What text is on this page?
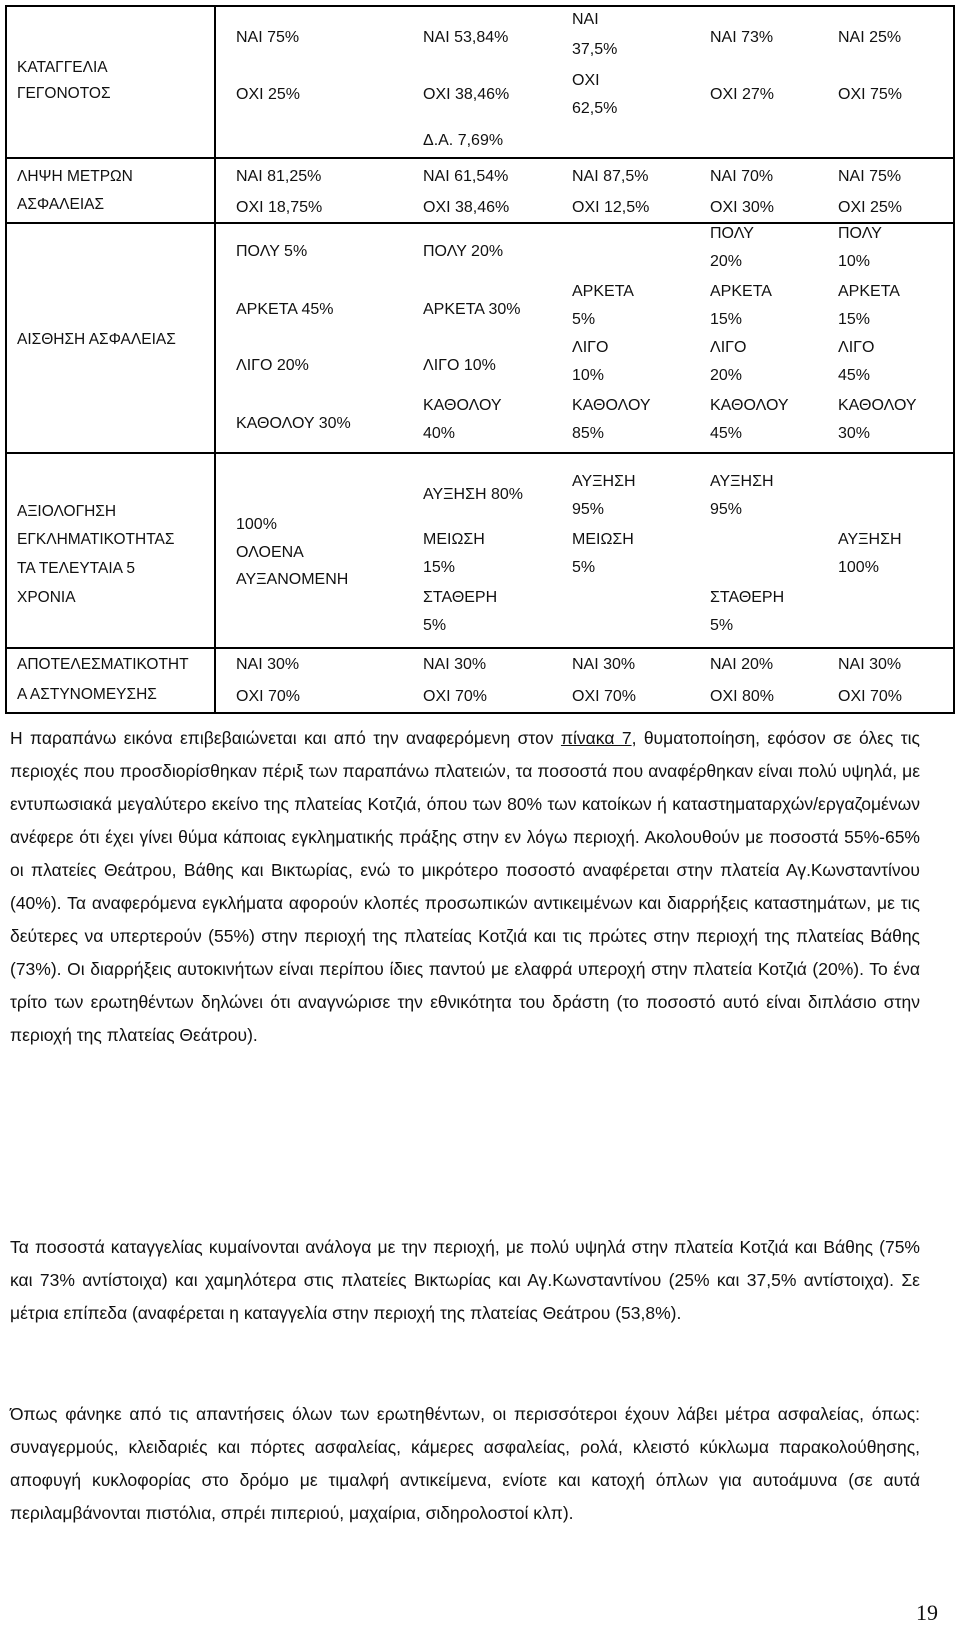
ΚΑΤΑΓΓΕΛΙΑ
ΓΕΓΟΝΟΤΟΣ
ΝΑΙ 75%
ΟΧΙ 25%
ΝΑΙ 53,84%
ΟΧΙ 38,46%
Δ.Α. 7,69%
ΝΑΙ
37,5%
ΟΧΙ
62,5%
ΝΑΙ 73%
ΟΧΙ 27%
ΝΑΙ 25%
ΟΧΙ 75%
ΛΗΨΗ ΜΕΤΡΩΝ
ΑΣΦΑΛΕΙΑΣ
ΝΑΙ 81,25%
ΟΧΙ 18,75%
ΝΑΙ 61,54%
ΟΧΙ 38,46%
ΝΑΙ 87,5%
ΟΧΙ 12,5%
ΝΑΙ 70%
ΟΧΙ 30%
ΝΑΙ 75%
ΟΧΙ 25%
ΑΙΣΘΗΣΗ ΑΣΦΑΛΕΙΑΣ
ΠΟΛΥ 5%
ΑΡΚΕΤΑ 45%
ΛΙΓΟ 20%
ΚΑΘΟΛΟΥ 30%
ΠΟΛΥ 20%
ΑΡΚΕΤΑ 30%
ΛΙΓΟ 10%
ΚΑΘΟΛΟΥ
40%
ΑΡΚΕΤΑ
5%
ΛΙΓΟ
10%
ΚΑΘΟΛΟΥ
85%
ΠΟΛΥ
20%
ΑΡΚΕΤΑ
15%
ΛΙΓΟ
20%
ΚΑΘΟΛΟΥ
45%
ΠΟΛΥ
10%
ΑΡΚΕΤΑ
15%
ΛΙΓΟ
45%
ΚΑΘΟΛΟΥ
30%
ΑΞΙΟΛΟΓΗΣΗ
ΕΓΚΛΗΜΑΤΙΚΟΤΗΤΑΣ
ΤΑ ΤΕΛΕΥΤΑΙΑ 5
ΧΡΟΝΙΑ
100%
ΟΛΟΕΝΑ
ΑΥΞΑΝΟΜΕΝΗ
ΑΥΞΗΣΗ 80%
ΜΕΙΩΣΗ
15%
ΣΤΑΘΕΡΗ
5%
ΑΥΞΗΣΗ
95%
ΜΕΙΩΣΗ
5%
ΑΥΞΗΣΗ
95%
ΣΤΑΘΕΡΗ
5%
ΑΥΞΗΣΗ
100%
ΑΠΟΤΕΛΕΣΜΑΤΙΚΟΤΗΤ
Α ΑΣΤΥΝΟΜΕΥΣΗΣ
ΝΑΙ 30%
ΟΧΙ 70%
ΝΑΙ 30%
ΟΧΙ 70%
ΝΑΙ 30%
ΟΧΙ 70%
ΝΑΙ 20%
ΟΧΙ 80%
ΝΑΙ 30%
ΟΧΙ 70%

Η παραπάνω εικόνα επιβεβαιώνεται και από την αναφερόμενη στον πίνακα 7, θυματοποίηση, εφόσον σε όλες τις περιοχές που προσδιορίσθηκαν πέριξ των παραπάνω πλατειών, τα ποσοστά που αναφέρθηκαν είναι πολύ υψηλά, με εντυπωσιακά μεγαλύτερο εκείνο της πλατείας Κοτζιά, όπου των 80% των κατοίκων ή καταστηματαρχών/εργαζομένων ανέφερε ότι έχει γίνει θύμα κάποιας εγκληματικής πράξης στην εν λόγω περιοχή. Ακολουθούν με ποσοστά 55%-65% οι πλατείες Θεάτρου, Βάθης και Βικτωρίας, ενώ το μικρότερο ποσοστό αναφέρεται στην πλατεία Αγ.Κωνσταντίνου (40%). Τα αναφερόμενα εγκλήματα αφορούν κλοπές προσωπικών αντικειμένων και διαρρήξεις καταστημάτων, με τις δεύτερες να υπερτερούν (55%) στην περιοχή της πλατείας Κοτζιά και τις πρώτες στην περιοχή της πλατείας Βάθης (73%). Οι διαρρήξεις αυτοκινήτων είναι περίπου ίδιες παντού με ελαφρά υπεροχή στην πλατεία Κοτζιά (20%). Το ένα τρίτο των ερωτηθέντων δηλώνει ότι αναγνώρισε την εθνικότητα του δράστη (το ποσοστό αυτό είναι διπλάσιο στην περιοχή της πλατείας Θεάτρου).

Τα ποσοστά καταγγελίας κυμαίνονται ανάλογα με την περιοχή, με πολύ υψηλά στην πλατεία Κοτζιά και Βάθης (75% και 73% αντίστοιχα) και χαμηλότερα στις πλατείες Βικτωρίας και Αγ.Κωνσταντίνου (25% και 37,5% αντίστοιχα). Σε μέτρια επίπεδα (αναφέρεται η καταγγελία στην περιοχή της πλατείας Θεάτρου (53,8%).

Όπως φάνηκε από τις απαντήσεις όλων των ερωτηθέντων, οι περισσότεροι έχουν λάβει μέτρα ασφαλείας, όπως: συναγερμούς, κλειδαριές και πόρτες ασφαλείας, κάμερες ασφαλείας, ρολά, κλειστό κύκλωμα παρακολούθησης, αποφυγή κυκλοφορίας στο δρόμο με τιμαλφή αντικείμενα, ενίοτε και κατοχή όπλων για αυτοάμυνα (σε αυτά περιλαμβάνονται πιστόλια, σπρέι πιπεριού, μαχαίρια, σιδηρολοστοί κλπ).

19
